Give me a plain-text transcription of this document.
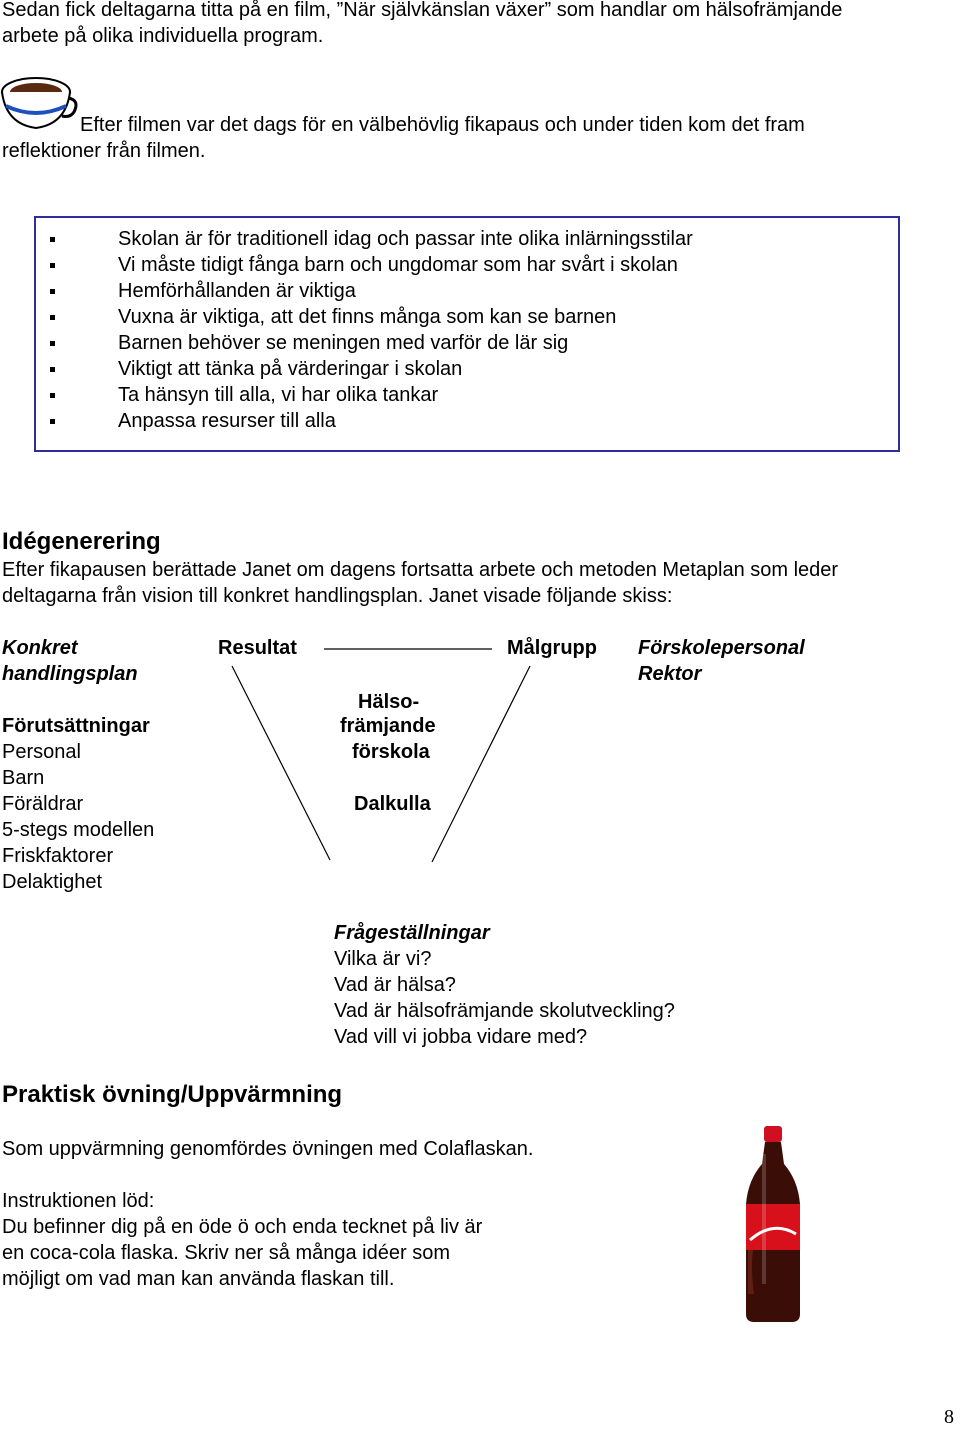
Sedan fick deltagarna titta på en film, ”När självkänslan växer” som handlar om hälsofrämjande
arbete på olika individuella program.
Efter filmen var det dags för en välbehövlig fikapaus och under tiden kom det fram
reflektioner från filmen.
Skolan är för traditionell idag och passar inte olika inlärningsstilar
Vi måste tidigt fånga barn och ungdomar som har svårt i skolan
Hemförhållanden är viktiga
Vuxna är viktiga, att det finns många som kan se barnen
Barnen behöver se meningen med varför de lär sig
Viktigt att tänka på värderingar i skolan
Ta hänsyn till alla, vi har olika tankar
Anpassa resurser till alla
Idégenerering
Efter fikapausen berättade Janet om dagens fortsatta arbete och metoden Metaplan som leder
deltagarna från vision till konkret handlingsplan. Janet visade följande skiss:
Konkret
handlingsplan
Resultat	Målgrupp Förskolepersonal
Rektor
Hälso-
främjande
förskola
Dalkulla
Förutsättningar
Personal
Barn
Föräldrar
5-stegs modellen
Friskfaktorer
Delaktighet
Frågeställningar
Vilka är vi?
Vad är hälsa?
Vad är hälsofrämjande skolutveckling?
Vad vill vi jobba vidare med?
Praktisk övning/Uppvärmning
Som uppvärmning genomfördes övningen med Colaflaskan.
Instruktionen löd:
Du befinner dig på en öde ö och enda tecknet på liv är
en coca-cola flaska. Skriv ner så många idéer som
möjligt om vad man kan använda flaskan till.
8
